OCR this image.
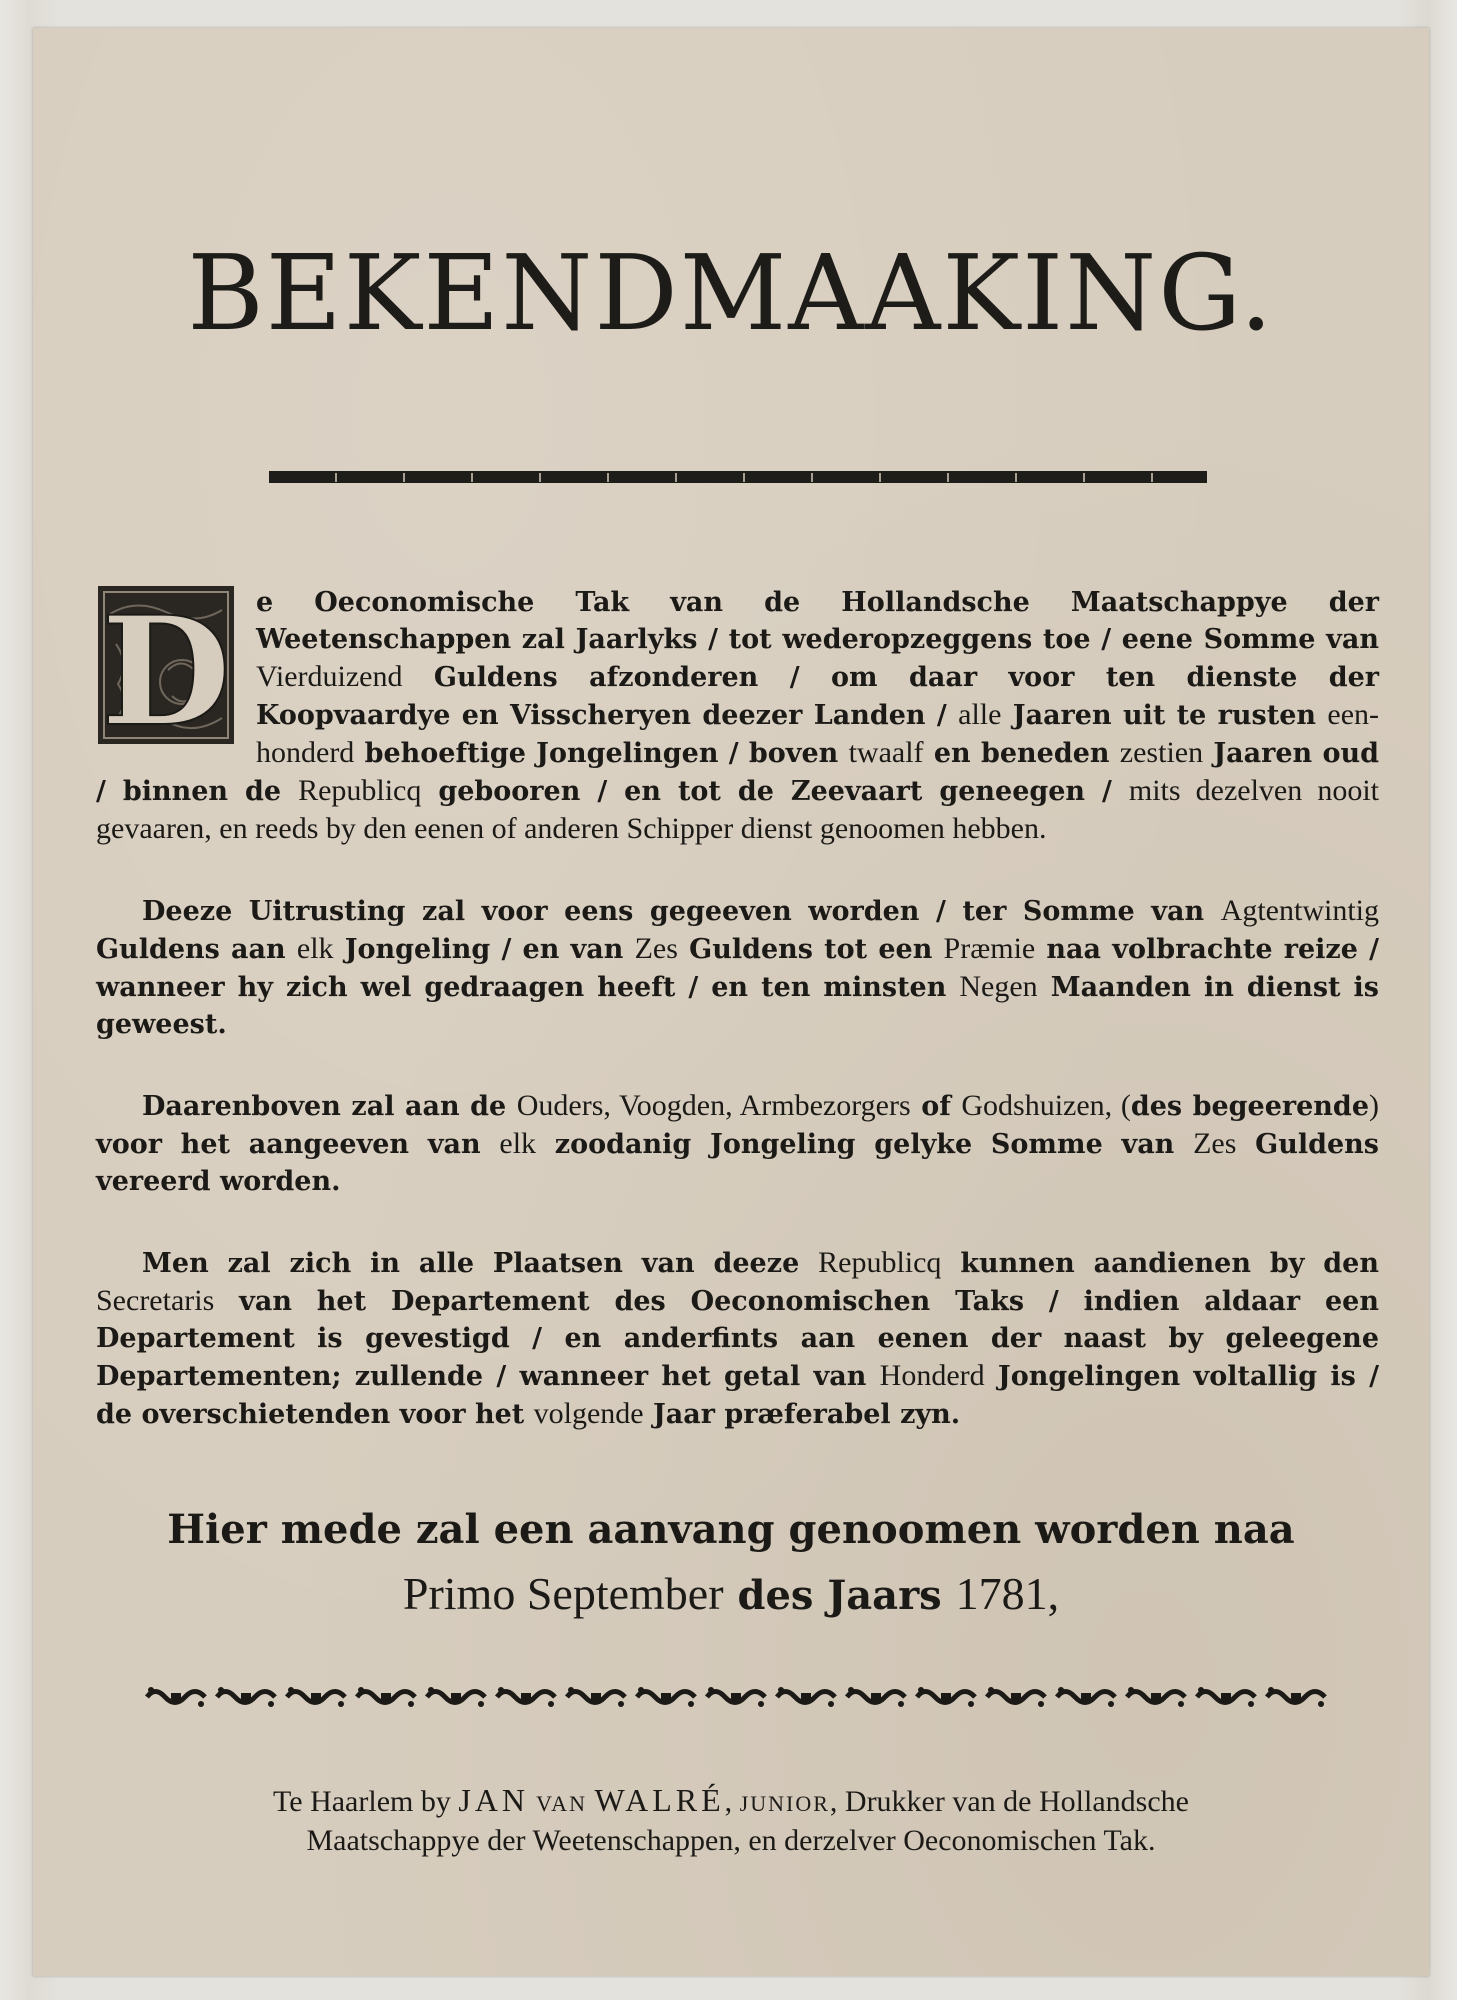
BEKENDMAAKING.

D e Oeconomische Tak van de Hollandsche Maatschappye der Weetenschappen zal Jaarlyks / tot wederopzeggens toe / eene Somme van Vierduizend Guldens afzonderen / om daar voor ten dienste der Koopvaardye en Visscheryen deezer Landen / alle Jaaren uit te rusten een-honderd behoeftige Jongelingen / boven twaalf en beneden zestien Jaaren oud / binnen de Republicq gebooren / en tot de Zeevaart geneegen / mits dezelven nooit gevaaren, en reeds by den eenen of anderen Schipper dienst genoomen hebben.

Deeze Uitrusting zal voor eens gegeeven worden / ter Somme van Agtentwintig Guldens aan elk Jongeling / en van Zes Guldens tot een Præmie naa volbrachte reize / wanneer hy zich wel gedraagen heeft / en ten minsten Negen Maanden in dienst is geweest.

Daarenboven zal aan de Ouders, Voogden, Armbezorgers of Godshuizen, (des begeerende) voor het aangeeven van elk zoodanig Jongeling gelyke Somme van Zes Guldens vereerd worden.

Men zal zich in alle Plaatsen van deeze Republicq kunnen aandienen by den Secretaris van het Departement des Oeconomischen Taks / indien aldaar een Departement is gevestigd / en anderfints aan eenen der naast by geleegene Departementen; zullende / wanneer het getal van Honderd Jongelingen voltallig is / de overschietenden voor het volgende Jaar præferabel zyn.

Hier mede zal een aanvang genoomen worden naa
Primo September des Jaars 1781,
Te Haarlem by JAN VAN WALRÉ, JUNIOR, Drukker van de Hollandsche
Maatschappye der Weetenschappen, en derzelver Oeconomischen Tak.
